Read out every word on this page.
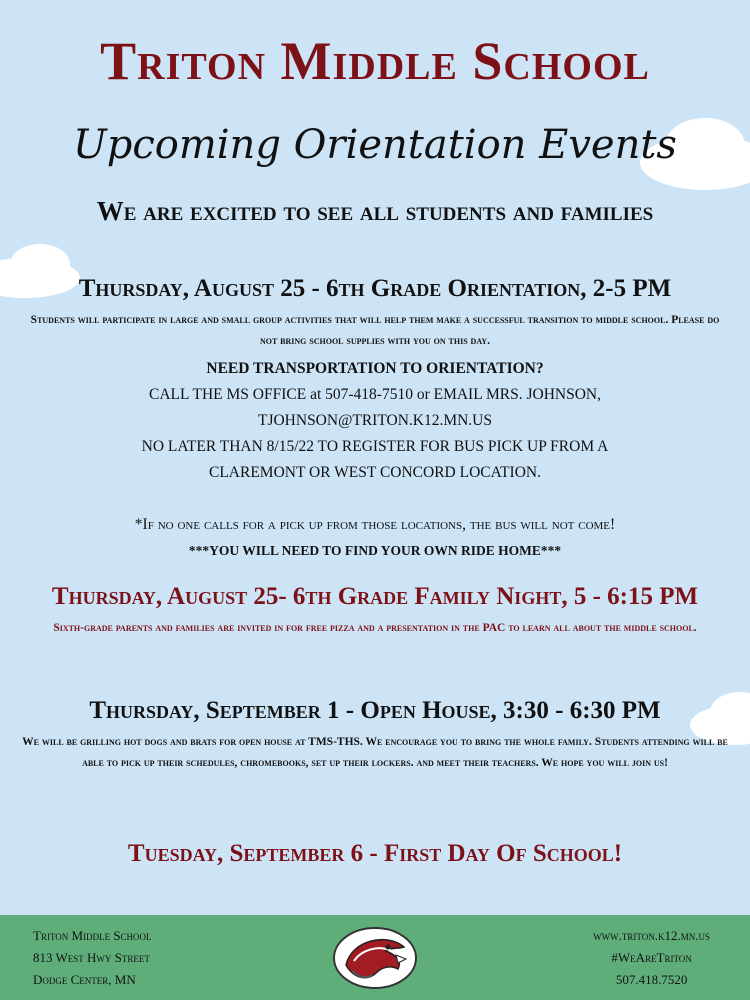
Triton Middle School
Upcoming Orientation Events
We are excited to see all students and families
Thursday, August 25 - 6th Grade Orientation, 2-5 PM
Students will participate in large and small group activities that will help them make a successful transition to middle school. Please do not bring school supplies with you on this day.
NEED TRANSPORTATION TO ORIENTATION?
CALL THE MS OFFICE at 507-418-7510 or EMAIL MRS. JOHNSON,
TJOHNSON@TRITON.K12.MN.US
NO LATER THAN 8/15/22 TO REGISTER FOR BUS PICK UP FROM A
CLAREMONT OR WEST CONCORD LOCATION.
*If no one calls for a pick up from those locations, the bus will not come!
***YOU WILL NEED TO FIND YOUR OWN RIDE HOME***
Thursday, August 25- 6th Grade Family Night, 5 - 6:15 PM
Sixth-grade parents and families are invited in for free pizza and a presentation in the PAC to learn all about the middle school.
Thursday, September 1 - Open House, 3:30 - 6:30 PM
We will be grilling hot dogs and brats for open house at TMS-THS. We encourage you to bring the whole family. Students attending will be able to pick up their schedules, chromebooks, set up their lockers. and meet their teachers. We hope you will join us!
Tuesday, September 6 - First Day Of School!
Triton Middle School
813 West Hwy Street
Dodge Center, MN
www.triton.k12.mn.us
#WeAreTriton
507.418.7520
